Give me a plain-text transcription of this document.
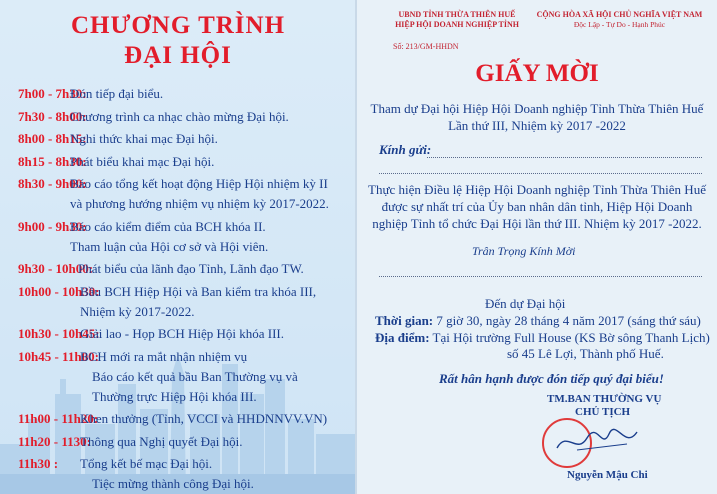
CHƯƠNG TRÌNH
ĐẠI HỘI
7h00 - 7h30:
Đón tiếp đại biểu.
7h30 - 8h00:
Chương trình ca nhạc chào mừng Đại hội.
8h00 - 8h15:
Nghi thức khai mạc Đại hội.
8h15 - 8h30:
Phát biểu khai mạc Đại hội.
8h30 - 9h00:
Báo cáo tổng kết hoạt động Hiệp Hội nhiệm kỳ II
và phương hướng nhiệm vụ nhiệm kỳ 2017-2022.
9h00 - 9h30:
Báo cáo kiểm điểm của BCH khóa II.
Tham luận của Hội cơ sở và Hội viên.
9h30 - 10h00:
Phát biểu của lãnh đạo Tỉnh, Lãnh đạo TW.
10h00 - 10h30:
Bầu BCH Hiệp Hội và Ban kiểm tra khóa III,
Nhiệm kỳ 2017-2022.
10h30 - 10h45:
Giải lao - Họp BCH Hiệp Hội khóa III.
10h45 - 11h00:
BCH mới ra mắt nhận nhiệm vụ
Báo cáo kết quả bầu Ban Thường vụ và
Thường trực Hiệp Hội khóa III.
11h00 - 11h20:
Khen thưởng (Tỉnh, VCCI và HHDNNVV.VN)
11h20 - 1130:
Thông qua Nghị quyết Đại hội.
11h30 : Tổng kết bế mạc Đại hội.
Tiệc mừng thành công Đại hội.
UBND TỈNH THỪA THIÊN HUẾ
HIỆP HỘI DOANH NGHIỆP TỈNH
CỘNG HÒA XÃ HỘI CHỦ NGHĨA VIỆT NAM
Độc Lập - Tự Do - Hạnh Phúc
Số: 213/GM-HHDN
GIẤY MỜI
Tham dự Đại hội Hiệp Hội Doanh nghiệp Tỉnh Thừa Thiên Huế
Lần thứ III, Nhiệm kỳ 2017 -2022
Kính gửi:
Thực hiện Điều lệ Hiệp Hội Doanh nghiệp Tỉnh Thừa Thiên Huế
được sự nhất trí của Ủy ban nhân dân tỉnh, Hiệp Hội Doanh
nghiệp Tỉnh tổ chức Đại Hội lần thứ III. Nhiệm kỳ 2017 -2022.
Trân Trọng Kính Mời
Đến dự Đại hội
Thời gian: 7 giờ 30, ngày 28 tháng 4 năm 2017 (sáng thứ sáu)
Địa điểm: Tại Hội trường Full House (KS Bờ sông Thanh Lịch)
số 45 Lê Lợi, Thành phố Huế.
Rất hân hạnh được đón tiếp quý đại biểu!
TM.BAN THƯỜNG VỤ
CHỦ TỊCH
Nguyễn Mậu Chi
